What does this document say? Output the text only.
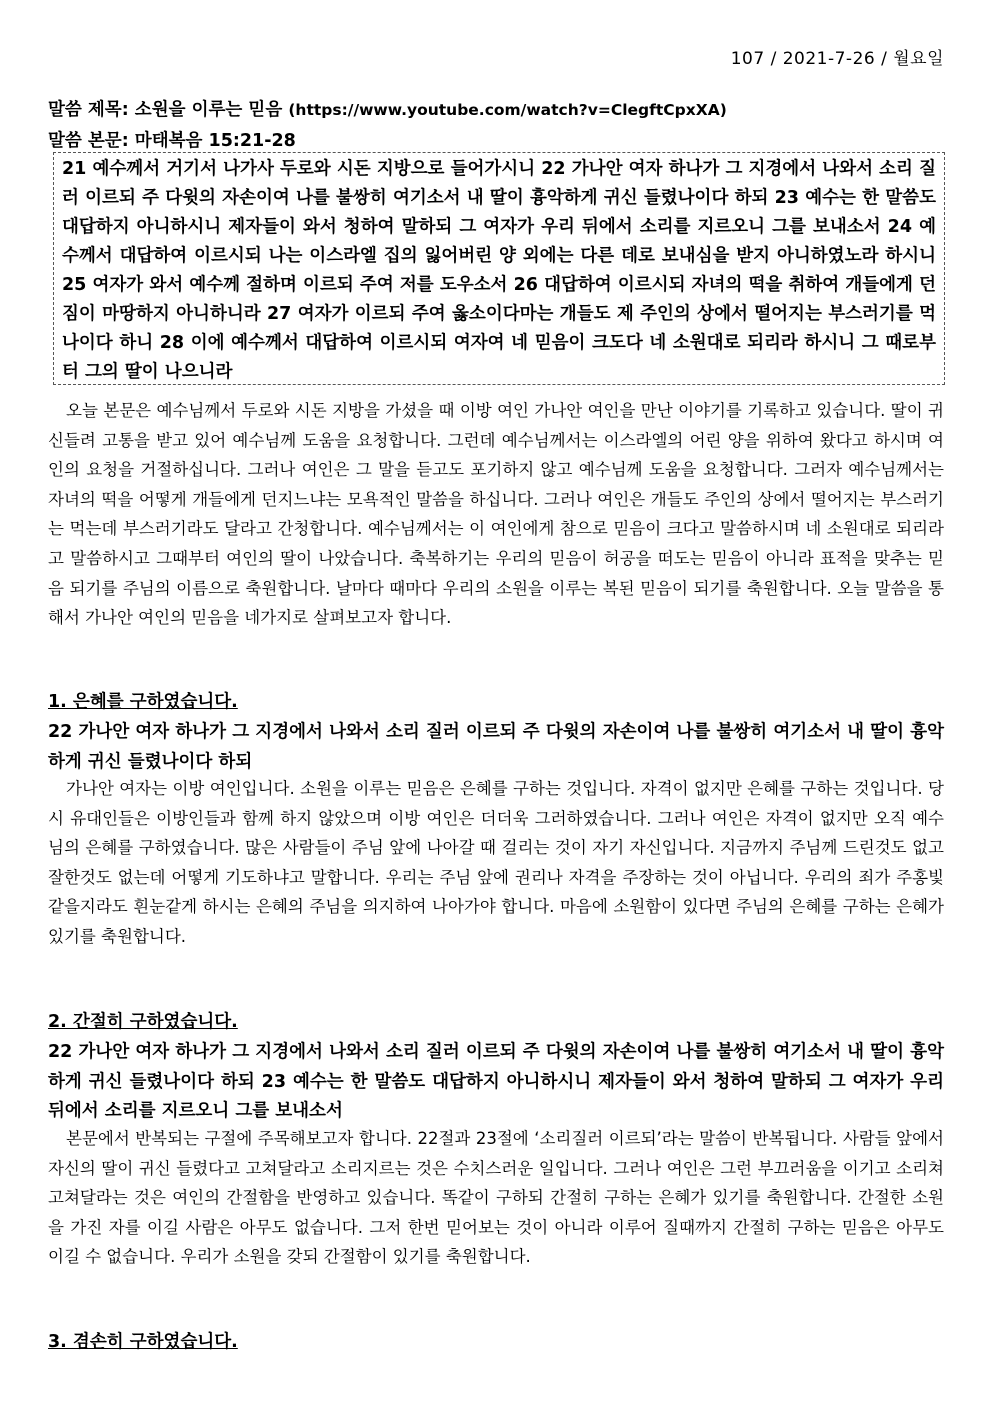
107 / 2021-7-26 / 월요일
말씀 제목: 소원을 이루는 믿음 (https://www.youtube.com/watch?v=ClegftCpxXA)
말씀 본문: 마태복음 15:21-28
21 예수께서 거기서 나가사 두로와 시돈 지방으로 들어가시니 22 가나안 여자 하나가 그 지경에서 나와서 소리 질러 이르되 주 다윗의 자손이여 나를 불쌍히 여기소서 내 딸이 흉악하게 귀신 들렸나이다 하되 23 예수는 한 말씀도 대답하지 아니하시니 제자들이 와서 청하여 말하되 그 여자가 우리 뒤에서 소리를 지르오니 그를 보내소서 24 예수께서 대답하여 이르시되 나는 이스라엘 집의 잃어버린 양 외에는 다른 데로 보내심을 받지 아니하였노라 하시니 25 여자가 와서 예수께 절하며 이르되 주여 저를 도우소서 26 대답하여 이르시되 자녀의 떡을 취하여 개들에게 던짐이 마땅하지 아니하니라 27 여자가 이르되 주여 옳소이다마는 개들도 제 주인의 상에서 떨어지는 부스러기를 먹나이다 하니 28 이에 예수께서 대답하여 이르시되 여자여 네 믿음이 크도다 네 소원대로 되리라 하시니 그 때로부터 그의 딸이 나으니라
오늘 본문은 예수님께서 두로와 시돈 지방을 가셨을 때 이방 여인 가나안 여인을 만난 이야기를 기록하고 있습니다. 딸이 귀신들려 고통을 받고 있어 예수님께 도움을 요청합니다. 그런데 예수님께서는 이스라엘의 어린 양을 위하여 왔다고 하시며 여인의 요청을 거절하십니다. 그러나 여인은 그 말을 듣고도 포기하지 않고 예수님께 도움을 요청합니다. 그러자 예수님께서는 자녀의 떡을 어떻게 개들에게 던지느냐는 모욕적인 말씀을 하십니다. 그러나 여인은 개들도 주인의 상에서 떨어지는 부스러기는 먹는데 부스러기라도 달라고 간청합니다. 예수님께서는 이 여인에게 참으로 믿음이 크다고 말씀하시며 네 소원대로 되리라고 말씀하시고 그때부터 여인의 딸이 나았습니다. 축복하기는 우리의 믿음이 허공을 떠도는 믿음이 아니라 표적을 맞추는 믿음 되기를 주님의 이름으로 축원합니다. 날마다 때마다 우리의 소원을 이루는 복된 믿음이 되기를 축원합니다. 오늘 말씀을 통해서 가나안 여인의 믿음을 네가지로 살펴보고자 합니다.
1. 은혜를 구하였습니다.
22 가나안 여자 하나가 그 지경에서 나와서 소리 질러 이르되 주 다윗의 자손이여 나를 불쌍히 여기소서 내 딸이 흉악하게 귀신 들렸나이다 하되
가나안 여자는 이방 여인입니다. 소원을 이루는 믿음은 은혜를 구하는 것입니다. 자격이 없지만 은혜를 구하는 것입니다. 당시 유대인들은 이방인들과 함께 하지 않았으며 이방 여인은 더더욱 그러하였습니다. 그러나 여인은 자격이 없지만 오직 예수님의 은혜를 구하였습니다. 많은 사람들이 주님 앞에 나아갈 때 걸리는 것이 자기 자신입니다. 지금까지 주님께 드린것도 없고 잘한것도 없는데 어떻게 기도하냐고 말합니다. 우리는 주님 앞에 권리나 자격을 주장하는 것이 아닙니다. 우리의 죄가 주홍빛 같을지라도 흰눈같게 하시는 은혜의 주님을 의지하여 나아가야 합니다. 마음에 소원함이 있다면 주님의 은혜를 구하는 은혜가 있기를 축원합니다.
2. 간절히 구하였습니다.
22 가나안 여자 하나가 그 지경에서 나와서 소리 질러 이르되 주 다윗의 자손이여 나를 불쌍히 여기소서 내 딸이 흉악하게 귀신 들렸나이다 하되 23 예수는 한 말씀도 대답하지 아니하시니 제자들이 와서 청하여 말하되 그 여자가 우리 뒤에서 소리를 지르오니 그를 보내소서
본문에서 반복되는 구절에 주목해보고자 합니다. 22절과 23절에 ‘소리질러 이르되’라는 말씀이 반복됩니다. 사람들 앞에서 자신의 딸이 귀신 들렸다고 고쳐달라고 소리지르는 것은 수치스러운 일입니다. 그러나 여인은 그런 부끄러움을 이기고 소리쳐 고쳐달라는 것은 여인의 간절함을 반영하고 있습니다. 똑같이 구하되 간절히 구하는 은혜가 있기를 축원합니다. 간절한 소원을 가진 자를 이길 사람은 아무도 없습니다. 그저 한번 믿어보는 것이 아니라 이루어 질때까지 간절히 구하는 믿음은 아무도 이길 수 없습니다. 우리가 소원을 갖되 간절함이 있기를 축원합니다.
3. 겸손히 구하였습니다.
